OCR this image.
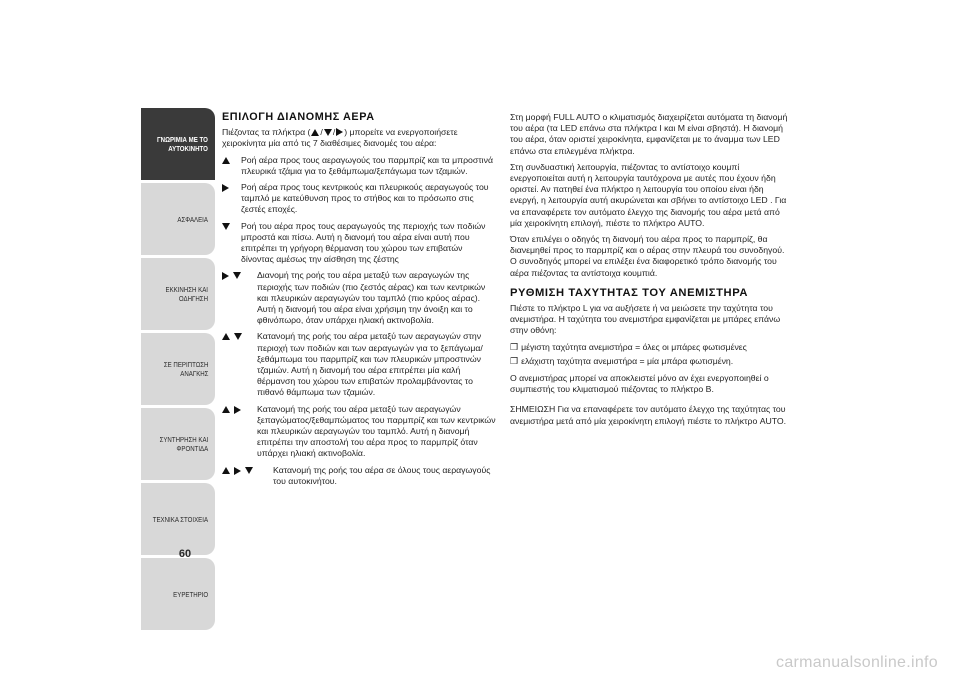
ΓΝΩΡΙΜΙΑ ΜΕ ΤΟ
ΑΥΤΟΚΙΝΗΤΟ
ΑΣΦΑΛΕΙΑ
ΕΚΚΙΝΗΣΗ ΚΑΙ
ΟΔΗΓΗΣΗ
ΣΕ ΠΕΡΙΠΤΩΣΗ
ΑΝΑΓΚΗΣ
ΣΥΝΤΗΡΗΣΗ ΚΑΙ
ΦΡΟΝΤΙΔΑ
ΤΕΧΝΙΚΑ ΣΤΟΙΧΕΙΑ
ΕΥΡΕΤΗΡΙΟ
60
ΕΠΙΛΟΓΗ ΔΙΑΝΟΜΗΣ ΑΕΡΑ

Πιέζοντας τα πλήκτρα ( / / ) μπορείτε να ενεργοποιήσετε χειροκίνητα μία από τις 7 διαθέσιμες διανομές του αέρα:

Ροή αέρα προς τους αεραγωγούς του παρμπρίζ και τα μπροστινά πλευρικά τζάμια για το ξεθάμπωμα/ξεπάγωμα των τζαμιών.
Ροή αέρα προς τους κεντρικούς και πλευρικούς αεραγωγούς του ταμπλό με κατεύθυνση προς το στήθος και το πρόσωπο στις ζεστές εποχές.
Ροή του αέρα προς τους αεραγωγούς της περιοχής των ποδιών μπροστά και πίσω. Αυτή η διανομή του αέρα είναι αυτή που επιτρέπει τη γρήγορη θέρμανση του χώρου των επιβατών δίνοντας αμέσως την αίσθηση της ζέστης
Διανομή της ροής του αέρα μεταξύ των αεραγωγών της περιοχής των ποδιών (πιο ζεστός αέρας) και των κεντρικών και πλευρικών αεραγωγών του ταμπλό (πιο κρύος αέρας). Αυτή η διανομή του αέρα είναι χρήσιμη την άνοιξη και το φθινόπωρο, όταν υπάρχει ηλιακή ακτινοβολία.
Κατανομή της ροής του αέρα μεταξύ των αεραγωγών στην περιοχή των ποδιών και των αεραγωγών για το ξεπάγωμα/ξεθάμπωμα του παρμπρίζ και των πλευρικών μπροστινών τζαμιών. Αυτή η διανομή του αέρα επιτρέπει μία καλή θέρμανση του χώρου των επιβατών προλαμβάνοντας το πιθανό θάμπωμα των τζαμιών.
Κατανομή της ροής του αέρα μεταξύ των αεραγωγών ξεπαγώματος/ξεθαμπώματος του παρμπρίζ και των κεντρικών και πλευρικών αεραγωγών του ταμπλό. Αυτή η διανομή επιτρέπει την αποστολή του αέρα προς το παρμπρίζ όταν υπάρχει ηλιακή ακτινοβολία.
Κατανομή της ροής του αέρα σε όλους τους αεραγωγούς του αυτοκινήτου.

Στη μορφή FULL AUTO ο κλιματισμός διαχειρίζεται αυτόματα τη διανομή του αέρα (τα LED επάνω στα πλήκτρα I και M είναι σβηστά). Η διανομή του αέρα, όταν οριστεί χειροκίνητα, εμφανίζεται με το άναμμα των LED επάνω στα επιλεγμένα πλήκτρα.

Στη συνδυαστική λειτουργία, πιέζοντας το αντίστοιχο κουμπί ενεργοποιείται αυτή η λειτουργία ταυτόχρονα με αυτές που έχουν ήδη οριστεί. Αν πατηθεί ένα πλήκτρο η λειτουργία του οποίου είναι ήδη ενεργή, η λειτουργία αυτή ακυρώνεται και σβήνει το αντίστοιχο LED . Για να επαναφέρετε τον αυτόματο έλεγχο της διανομής του αέρα μετά από μία χειροκίνητη επιλογή, πιέστε το πλήκτρο AUTO.

Όταν επιλέγει ο οδηγός τη διανομή του αέρα προς το παρμπρίζ, θα διανεμηθεί προς το παρμπρίζ και ο αέρας στην πλευρά του συνοδηγού. Ο συνοδηγός μπορεί να επιλέξει ένα διαφορετικό τρόπο διανομής του αέρα πιέζοντας τα αντίστοιχα κουμπιά.

ΡΥΘΜΙΣΗ ΤΑΧΥΤΗΤΑΣ ΤΟΥ ΑΝΕΜΙΣΤΗΡΑ

Πιέστε το πλήκτρο L για να αυξήσετε ή να μειώσετε την ταχύτητα του ανεμιστήρα. Η ταχύτητα του ανεμιστήρα εμφανίζεται με μπάρες επάνω στην οθόνη:

❒ μέγιστη ταχύτητα ανεμιστήρα = όλες οι μπάρες φωτισμένες
❒ ελάχιστη ταχύτητα ανεμιστήρα = μία μπάρα φωτισμένη.

Ο ανεμιστήρας μπορεί να αποκλειστεί μόνο αν έχει ενεργοποιηθεί ο συμπιεστής του κλιματισμού πιέζοντας το πλήκτρο B.

ΣΗΜΕΙΩΣΗ Για να επαναφέρετε τον αυτόματο έλεγχο της ταχύτητας του ανεμιστήρα μετά από μία χειροκίνητη επιλογή πιέστε το πλήκτρο AUTO.

carmanualsonline.info
